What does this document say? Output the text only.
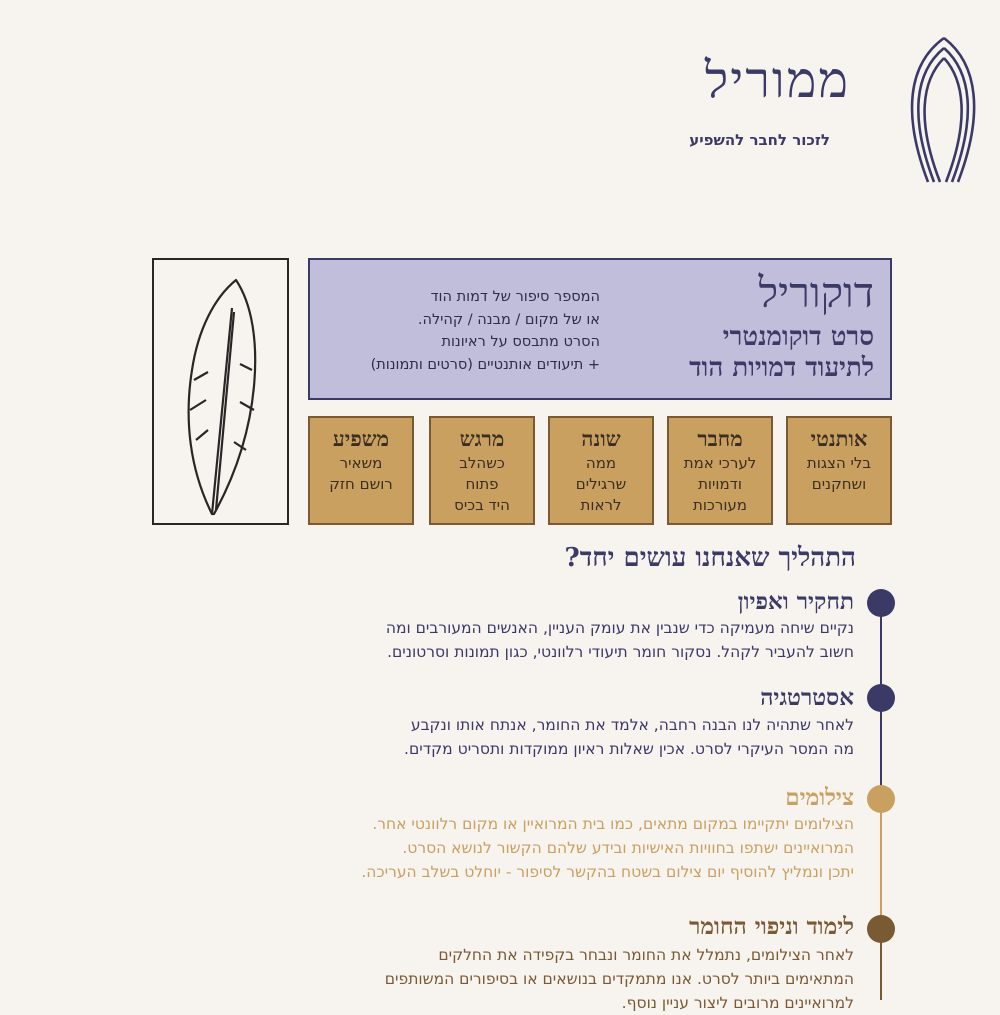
ממוריל
לזכור לחבר להשפיע
דוקוריל
סרט דוקומנטרי
לתיעוד דמויות הוד
המספר סיפור של דמות הוד
או של מקום / מבנה / קהילה.
הסרט מתבסס על ראיונות
+ תיעודים אותנטיים (סרטים ותמונות)
אותנטי
בלי הצגות
ושחקנים
מחבר
לערכי אמת
ודמויות
מעורכות
שונה
ממה
שרגילים
לראות
מרגש
כשהלב
פתוח
היד בכיס
משפיע
משאיר
רושם חזק
התהליך שאנחנו עושים יחד?
תחקיר ואפיון
נקיים שיחה מעמיקה כדי שנבין את עומק העניין, האנשים המעורבים ומה
חשוב להעביר לקהל. נסקור חומר תיעודי רלוונטי, כגון תמונות וסרטונים.
אסטרטגיה
לאחר שתהיה לנו הבנה רחבה, אלמד את החומר, אנתח אותו ונקבע
מה המסר העיקרי לסרט. אכין שאלות ראיון ממוקדות ותסריט מקדים.
צילומים
הצילומים יתקיימו במקום מתאים, כמו בית המרואיין או מקום רלוונטי אחר.
המרואיינים ישתפו בחוויות האישיות ובידע שלהם הקשור לנושא הסרט.
יתכן ונמליץ להוסיף יום צילום בשטח בהקשר לסיפור - יוחלט בשלב העריכה.
לימוד וניפוי החומר
לאחר הצילומים, נתמלל את החומר ונבחר בקפידה את החלקים
המתאימים ביותר לסרט. אנו מתמקדים בנושאים או בסיפורים המשותפים
למרואיינים מרובים ליצור עניין נוסף.
